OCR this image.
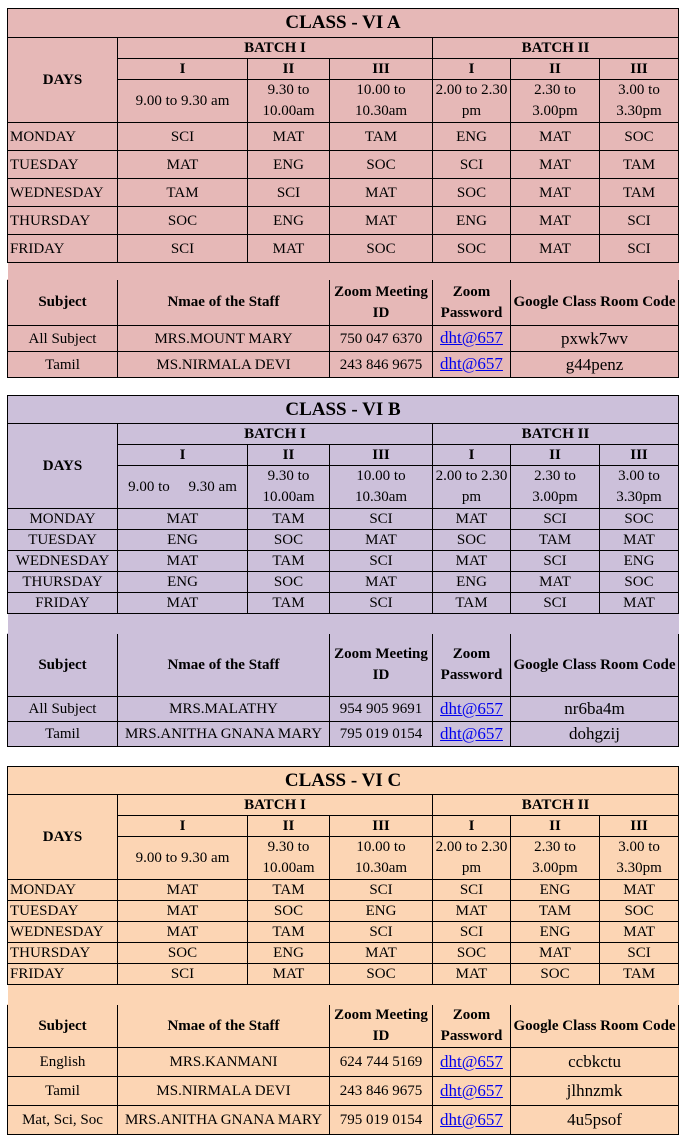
CLASS - VI A						
DAYS	BATCH I			BATCH II		
	I	II	III	I	II	III
	9.00 to 9.30 am	9.30 to 10.00am	10.00 to 10.30am	2.00 to 2.30 pm	2.30 to 3.00pm	3.00 to 3.30pm
MONDAY	SCI	MAT	TAM	ENG	MAT	SOC
TUESDAY	MAT	ENG	SOC	SCI	MAT	TAM
WEDNESDAY	TAM	SCI	MAT	SOC	MAT	TAM
THURSDAY	SOC	ENG	MAT	ENG	MAT	SCI
FRIDAY	SCI	MAT	SOC	SOC	MAT	SCI

Subject	Nmae of the Staff		Zoom Meeting ID	Zoom Password	Google Class Room Code	
All Subject	MRS.MOUNT MARY		750 047 6370	dht@657	pxwk7wv	
Tamil	MS.NIRMALA DEVI		243 846 9675	dht@657	g44penz	
CLASS - VI B						
DAYS	BATCH I			BATCH II		
	I	II	III	I	II	III
	9.00 to     9.30 am	9.30 to 10.00am	10.00 to 10.30am	2.00 to 2.30 pm	2.30 to 3.00pm	3.00 to 3.30pm
MONDAY	MAT	TAM	SCI	MAT	SCI	SOC
TUESDAY	ENG	SOC	MAT	SOC	TAM	MAT
WEDNESDAY	MAT	TAM	SCI	MAT	SCI	ENG
THURSDAY	ENG	SOC	MAT	ENG	MAT	SOC
FRIDAY	MAT	TAM	SCI	TAM	SCI	MAT

Subject	Nmae of the Staff		Zoom Meeting ID	Zoom Password	Google Class Room Code	
All Subject	MRS.MALATHY		954 905 9691	dht@657	nr6ba4m	
Tamil	MRS.ANITHA GNANA MARY		795 019 0154	dht@657	dohgzij	
CLASS - VI C						
DAYS	BATCH I			BATCH II		
	I	II	III	I	II	III
	9.00 to 9.30 am	9.30 to 10.00am	10.00 to 10.30am	2.00 to 2.30 pm	2.30 to 3.00pm	3.00 to 3.30pm
MONDAY	MAT	TAM	SCI	SCI	ENG	MAT
TUESDAY	MAT	SOC	ENG	MAT	TAM	SOC
WEDNESDAY	MAT	TAM	SCI	SCI	ENG	MAT
THURSDAY	SOC	ENG	MAT	SOC	MAT	SCI
FRIDAY	SCI	MAT	SOC	MAT	SOC	TAM

Subject	Nmae of the Staff		Zoom Meeting ID	Zoom Password	Google Class Room Code	
English	MRS.KANMANI		624 744 5169	dht@657	ccbkctu	
Tamil	MS.NIRMALA DEVI		243 846 9675	dht@657	jlhnzmk	
Mat, Sci, Soc	MRS.ANITHA GNANA MARY		795 019 0154	dht@657	4u5psof	
